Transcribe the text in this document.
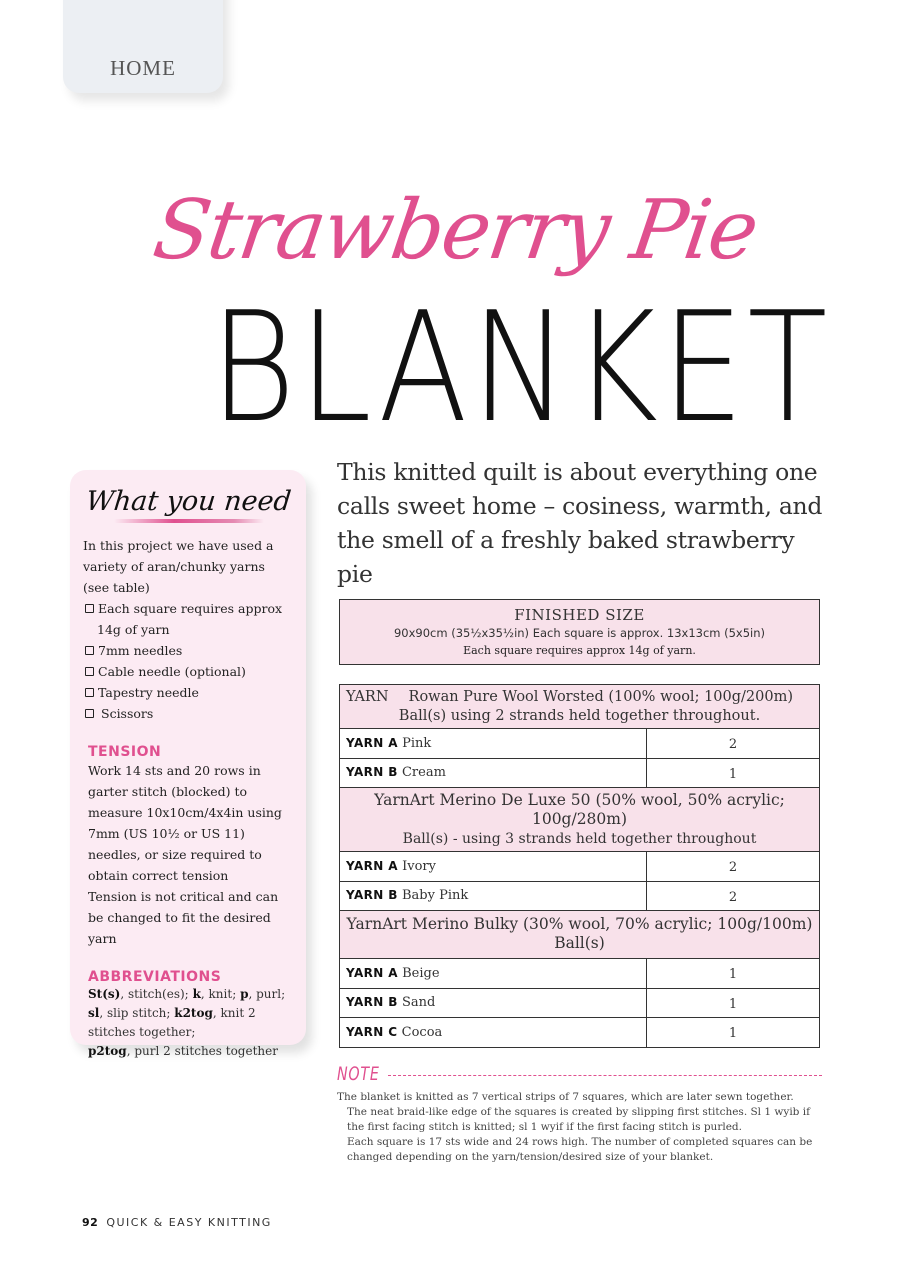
HOME
Strawberry Pie
BLANKET
What you need

In this project we have used a variety of aran/chunky yarns (see table)

Each square requires approx
14g of yarn
7mm needles
Cable needle (optional)
Tapestry needle
Scissors
TENSION

Work 14 sts and 20 rows in garter stitch (blocked) to measure 10x10cm/4x4in using 7mm (US 10½ or US 11) needles, or size required to obtain correct tension

Tension is not critical and can be changed to fit the desired yarn

ABBREVIATIONS

St(s), stitch(es); k, knit; p, purl; sl, slip stitch; k2tog, knit 2 stitches together;
p2tog, purl 2 stitches together

This knitted quilt is about everything one calls sweet home – cosiness, warmth, and the smell of a freshly baked strawberry pie

FINISHED SIZE
90x90cm (35½x35½in) Each square is approx. 13x13cm (5x5in)
Each square requires approx 14g of yarn.
YARN Rowan Pure Wool Worsted (100% wool; 100g/200m)
Ball(s) using 2 strands held together throughout.	
YARN A Pink	2
YARN B Cream	1
YarnArt Merino De Luxe 50 (50% wool, 50% acrylic; 100g/280m)
Ball(s) - using 3 strands held together throughout	
YARN A Ivory	2
YARN B Baby Pink	2
YarnArt Merino Bulky (30% wool, 70% acrylic; 100g/100m) Ball(s)	
YARN A Beige	1
YARN B Sand	1
YARN C Cocoa	1
NOTE

The blanket is knitted as 7 vertical strips of 7 squares, which are later sewn together.

The neat braid-like edge of the squares is created by slipping first stitches. Sl 1 wyib if the first facing stitch is knitted; sl 1 wyif if the first facing stitch is purled.

Each square is 17 sts wide and 24 rows high. The number of completed squares can be changed depending on the yarn/tension/desired size of your blanket.

92 QUICK & EASY KNITTING
